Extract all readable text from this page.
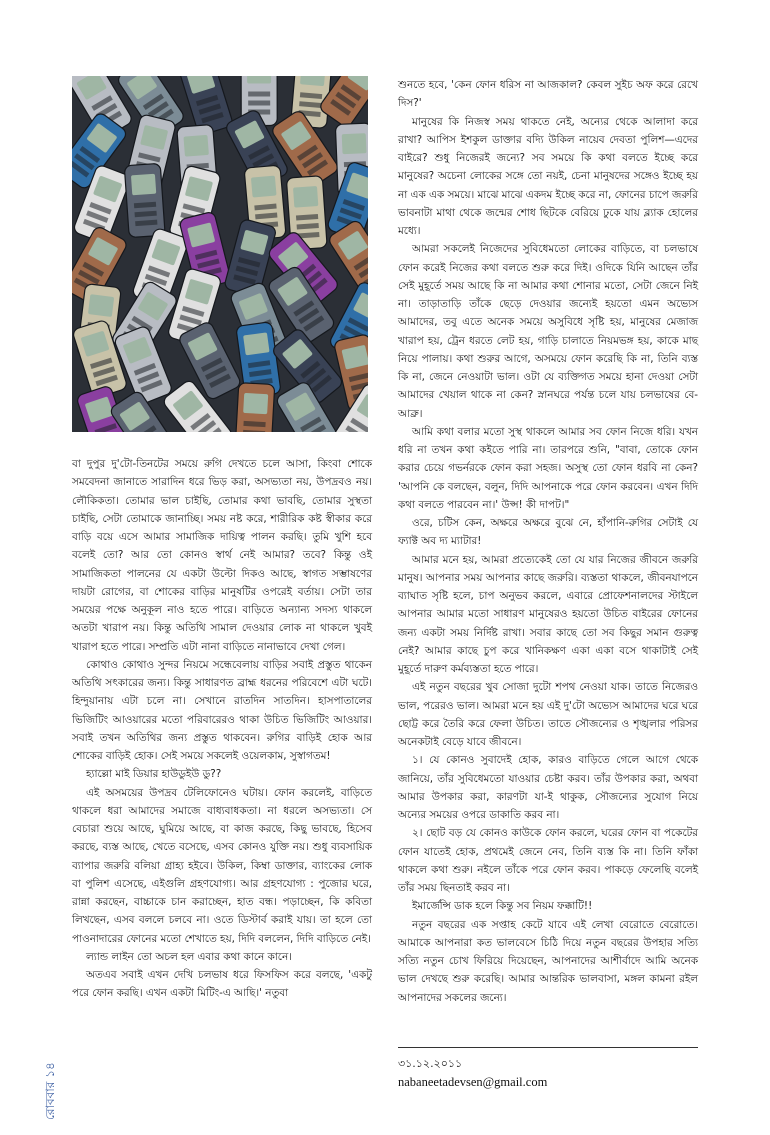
বা দুপুর দু'টো-তিনটের সময়ে রুগি দেখতে চলে আসা, কিংবা শোকে সমবেদনা জানাতে সারাদিন ধরে ভিড় করা, অসভ্যতা নয়, উপদ্রবও নয়। লৌকিকতা। তোমার ভাল চাইছি, তোমার কথা ভাবছি, তোমার সুস্থতা চাইছি, সেটা তোমাকে জানাচ্ছি। সময় নষ্ট করে, শারীরিক কষ্ট স্বীকার করে বাড়ি বয়ে এসে আমার সামাজিক দায়িত্ব পালন করছি। তুমি খুশি হবে বলেই তো? আর তো কোনও স্বার্থ নেই আমার? তবে? কিন্তু ওই সামাজিকতা পালনের যে একটা উল্টো দিকও আছে, স্বাগত সম্ভাষণের দায়টা রোগের, বা শোকের বাড়ির মানুষটির ওপরেই বর্তায়। সেটা তার সময়ের পক্ষে অনুকূল নাও হতে পারে। বাড়িতে অন্যান্য সদস্য থাকলে অতটা খারাপ নয়। কিন্তু অতিথি সামাল দেওয়ার লোক না থাকলে খুবই খারাপ হতে পারে। সম্প্রতি এটা নানা বাড়িতে নানাভাবে দেখা গেল।

কোথাও কোথাও সুন্দর নিয়মে সন্ধেবেলায় বাড়ির সবাই প্রস্তুত থাকেন অতিথি সৎকারের জন্য। কিন্তু সাধারণত ব্রাহ্ম ধরনের পরিবেশে এটা ঘটে। হিন্দুয়ানায় এটা চলে না। সেখানে রাতদিন সাতদিন। হাসপাতালের ভিজিটিং আওয়ারের মতো পরিবারেরও থাকা উচিত ভিজিটিং আওয়ার। সবাই তখন অতিথির জন্য প্রস্তুত থাকবেন। রুগির বাড়িই হোক আর শোকের বাড়িই হোক। সেই সময়ে সকলেই ওয়েলকাম, সুস্বাগতম!

হ্যাল্লো মাই ডিয়ার হাউডুইউ ডু??

এই অসময়ের উপদ্রব টেলিফোনেও ঘটায়। ফোন করলেই, বাড়িতে থাকলে ধরা আমাদের সমাজে বাধ্যবাধকতা। না ধরলে অসভ্যতা। সে বেচারা শুয়ে আছে, ঘুমিয়ে আছে, বা কাজ করছে, কিছু ভাবছে, হিসেব করছে, ব্যস্ত আছে, খেতে বসেছে, এসব কোনও যুক্তি নয়। শুধু ব্যবসায়িক ব্যাপার জরুরি বলিয়া গ্রাহ্য হইবে। উকিল, কিম্বা ডাক্তার, ব্যাংকের লোক বা পুলিশ এসেছে, এইগুলি গ্রহণযোগ্য। আর গ্রহণযোগ্য : পুজোর ঘরে, রান্না করছেন, বাচ্চাকে চান করাচ্ছেন, হাত বন্ধ। পড়াচ্ছেন, কি কবিতা লিখছেন, এসব বললে চলবে না। ওতে ডিস্টার্ব করাই যায়। তা হলে তো পাওনাদারের ফোনের মতো শেখাতে হয়, দিদি বললেন, দিদি বাড়িতে নেই।

ল্যান্ড লাইন তো অচল হল এবার কথা কানে কানে।

অতএব সবাই এখন দেখি চলভাষ ধরে ফিসফিস করে বলছে, 'একটু পরে ফোন করছি। এখন একটা মিটিং-এ আছি।' নতুবা

শুনতে হবে, 'কেন ফোন ধরিস না আজকাল? কেবল সুইচ অফ করে রেখে দিস?'

মানুষের কি নিজস্ব সময় থাকতে নেই, অন্যের থেকে আলাদা করে রাখা? আপিস ইশকুল ডাক্তার বদ্যি উকিল নায়েব দেবতা পুলিশ—এদের বাইরে? শুধু নিজেরই জন্যে? সব সময়ে কি কথা বলতে ইচ্ছে করে মানুষের? অচেনা লোকের সঙ্গে তো নয়ই, চেনা মানুষদের সঙ্গেও ইচ্ছে হয় না এক এক সময়ে। মাঝে মাঝে একদম ইচ্ছে করে না, ফোনের চাপে জরুরি ভাবনাটা মাথা থেকে জন্মের শোধ ছিটকে বেরিয়ে ঢুকে যায় ব্ল্যাক হোলের মধ্যে।

আমরা সকলেই নিজেদের সুবিধেমতো লোকের বাড়িতে, বা চলভাষে ফোন করেই নিজের কথা বলতে শুরু করে দিই। ওদিকে যিনি আছেন তাঁর সেই মুহূর্তে সময় আছে কি না আমার কথা শোনার মতো, সেটা জেনে নিই না। তাড়াতাড়ি তাঁকে ছেড়ে দেওয়ার জন্যেই হয়তো এমন অভ্যেস আমাদের, তবু এতে অনেক সময়ে অসুবিধে সৃষ্টি হয়, মানুষের মেজাজ খারাপ হয়, ট্রেন ধরতে লেট হয়, গাড়ি চালাতে নিয়মভঙ্গ হয়, কাকে মাছ নিয়ে পালায়। কথা শুরুর আগে, অসময়ে ফোন করেছি কি না, তিনি ব্যস্ত কি না, জেনে নেওয়াটা ভাল। ওটা যে ব্যক্তিগত সময়ে হানা দেওয়া সেটা আমাদের খেয়াল থাকে না কেন? স্নানঘরে পর্যন্ত চলে যায় চলভাষের বে-আব্রু।

আমি কথা বলার মতো সুস্থ থাকলে আমার সব ফোন নিজে ধরি। যখন ধরি না তখন কথা কইতে পারি না। তারপরে শুনি, "বাবা, তোকে ফোন করার চেয়ে গভর্নরকে ফোন করা সহজ। অসুস্থ তো ফোন ধরবি না কেন? 'আপনি কে বলছেন, বলুন, দিদি আপনাকে পরে ফোন করবেন। এখন দিদি কথা বলতে পারবেন না।' উপ্স! কী দাপট।"

ওরে, চটিস কেন, অক্ষরে অক্ষরে বুঝে নে, হাঁপানি-রুগির সেটাই যে ফ্যাক্ট অব দ্য ম্যাটার!

আমার মনে হয়, আমরা প্রত্যেকেই তো যে যার নিজের জীবনে জরুরি মানুষ। আপনার সময় আপনার কাছে জরুরি। ব্যস্ততা থাকলে, জীবনযাপনে ব্যাঘাত সৃষ্টি হলে, চাপ অনুভব করলে, এবারে প্রোফেশনালদের স্টাইলে আপনার আমার মতো সাধারণ মানুষেরও হয়তো উচিত বাইরের ফোনের জন্য একটা সময় নির্দিষ্ট রাখা। সবার কাছে তো সব কিছুর সমান গুরুত্ব নেই? আমার কাছে চুপ করে খানিকক্ষণ একা একা বসে থাকাটাই সেই মুহূর্তে দারুণ কর্মব্যস্ততা হতে পারে।

এই নতুন বছরের খুব সোজা দুটো শপথ নেওয়া যাক। তাতে নিজেরও ভাল, পরেরও ভাল। আমরা মনে হয় এই দু'টো অভ্যেস আমাদের ঘরে ঘরে ছোট্ট করে তৈরি করে ফেলা উচিত। তাতে সৌজন্যের ও শৃঙ্খলার পরিসর অনেকটাই বেড়ে যাবে জীবনে।

১। যে কোনও সুবাদেই হোক, কারও বাড়িতে গেলে আগে থেকে জানিয়ে, তাঁর সুবিধেমতো যাওয়ার চেষ্টা করব। তাঁর উপকার করা, অথবা আমার উপকার করা, কারণটা যা-ই থাকুক, সৌজন্যের সুযোগ নিয়ে অন্যের সময়ের ওপরে ডাকাতি করব না।

২। ছোট বড় যে কোনও কাউকে ফোন করলে, ঘরের ফোন বা পকেটের ফোন যাতেই হোক, প্রথমেই জেনে নেব, তিনি ব্যস্ত কি না। তিনি ফাঁকা থাকলে কথা শুরু। নইলে তাঁকে পরে ফোন করব। পাকড়ে ফেলেছি বলেই তাঁর সময় ছিনতাই করব না।

ইমার্জেন্সি ডাক হলে কিন্তু সব নিয়ম ফক্কাটি!!

নতুন বছরের এক সপ্তাহ কেটে যাবে এই লেখা বেরোতে বেরোতে। আমাকে আপনারা কত ভালবেসে চিঠি দিয়ে নতুন বছরের উপহার সত্যি সত্যি নতুন চোখ ফিরিয়ে দিয়েছেন, আপনাদের আশীর্বাদে আমি অনেক ভাল দেখছে শুরু করেছি। আমার আন্তরিক ভালবাসা, মঙ্গল কামনা রইল আপনাদের সকলের জন্যে।

৩১.১২.২০১১
nabaneetadevsen@gmail.com
রোববার ১৪
